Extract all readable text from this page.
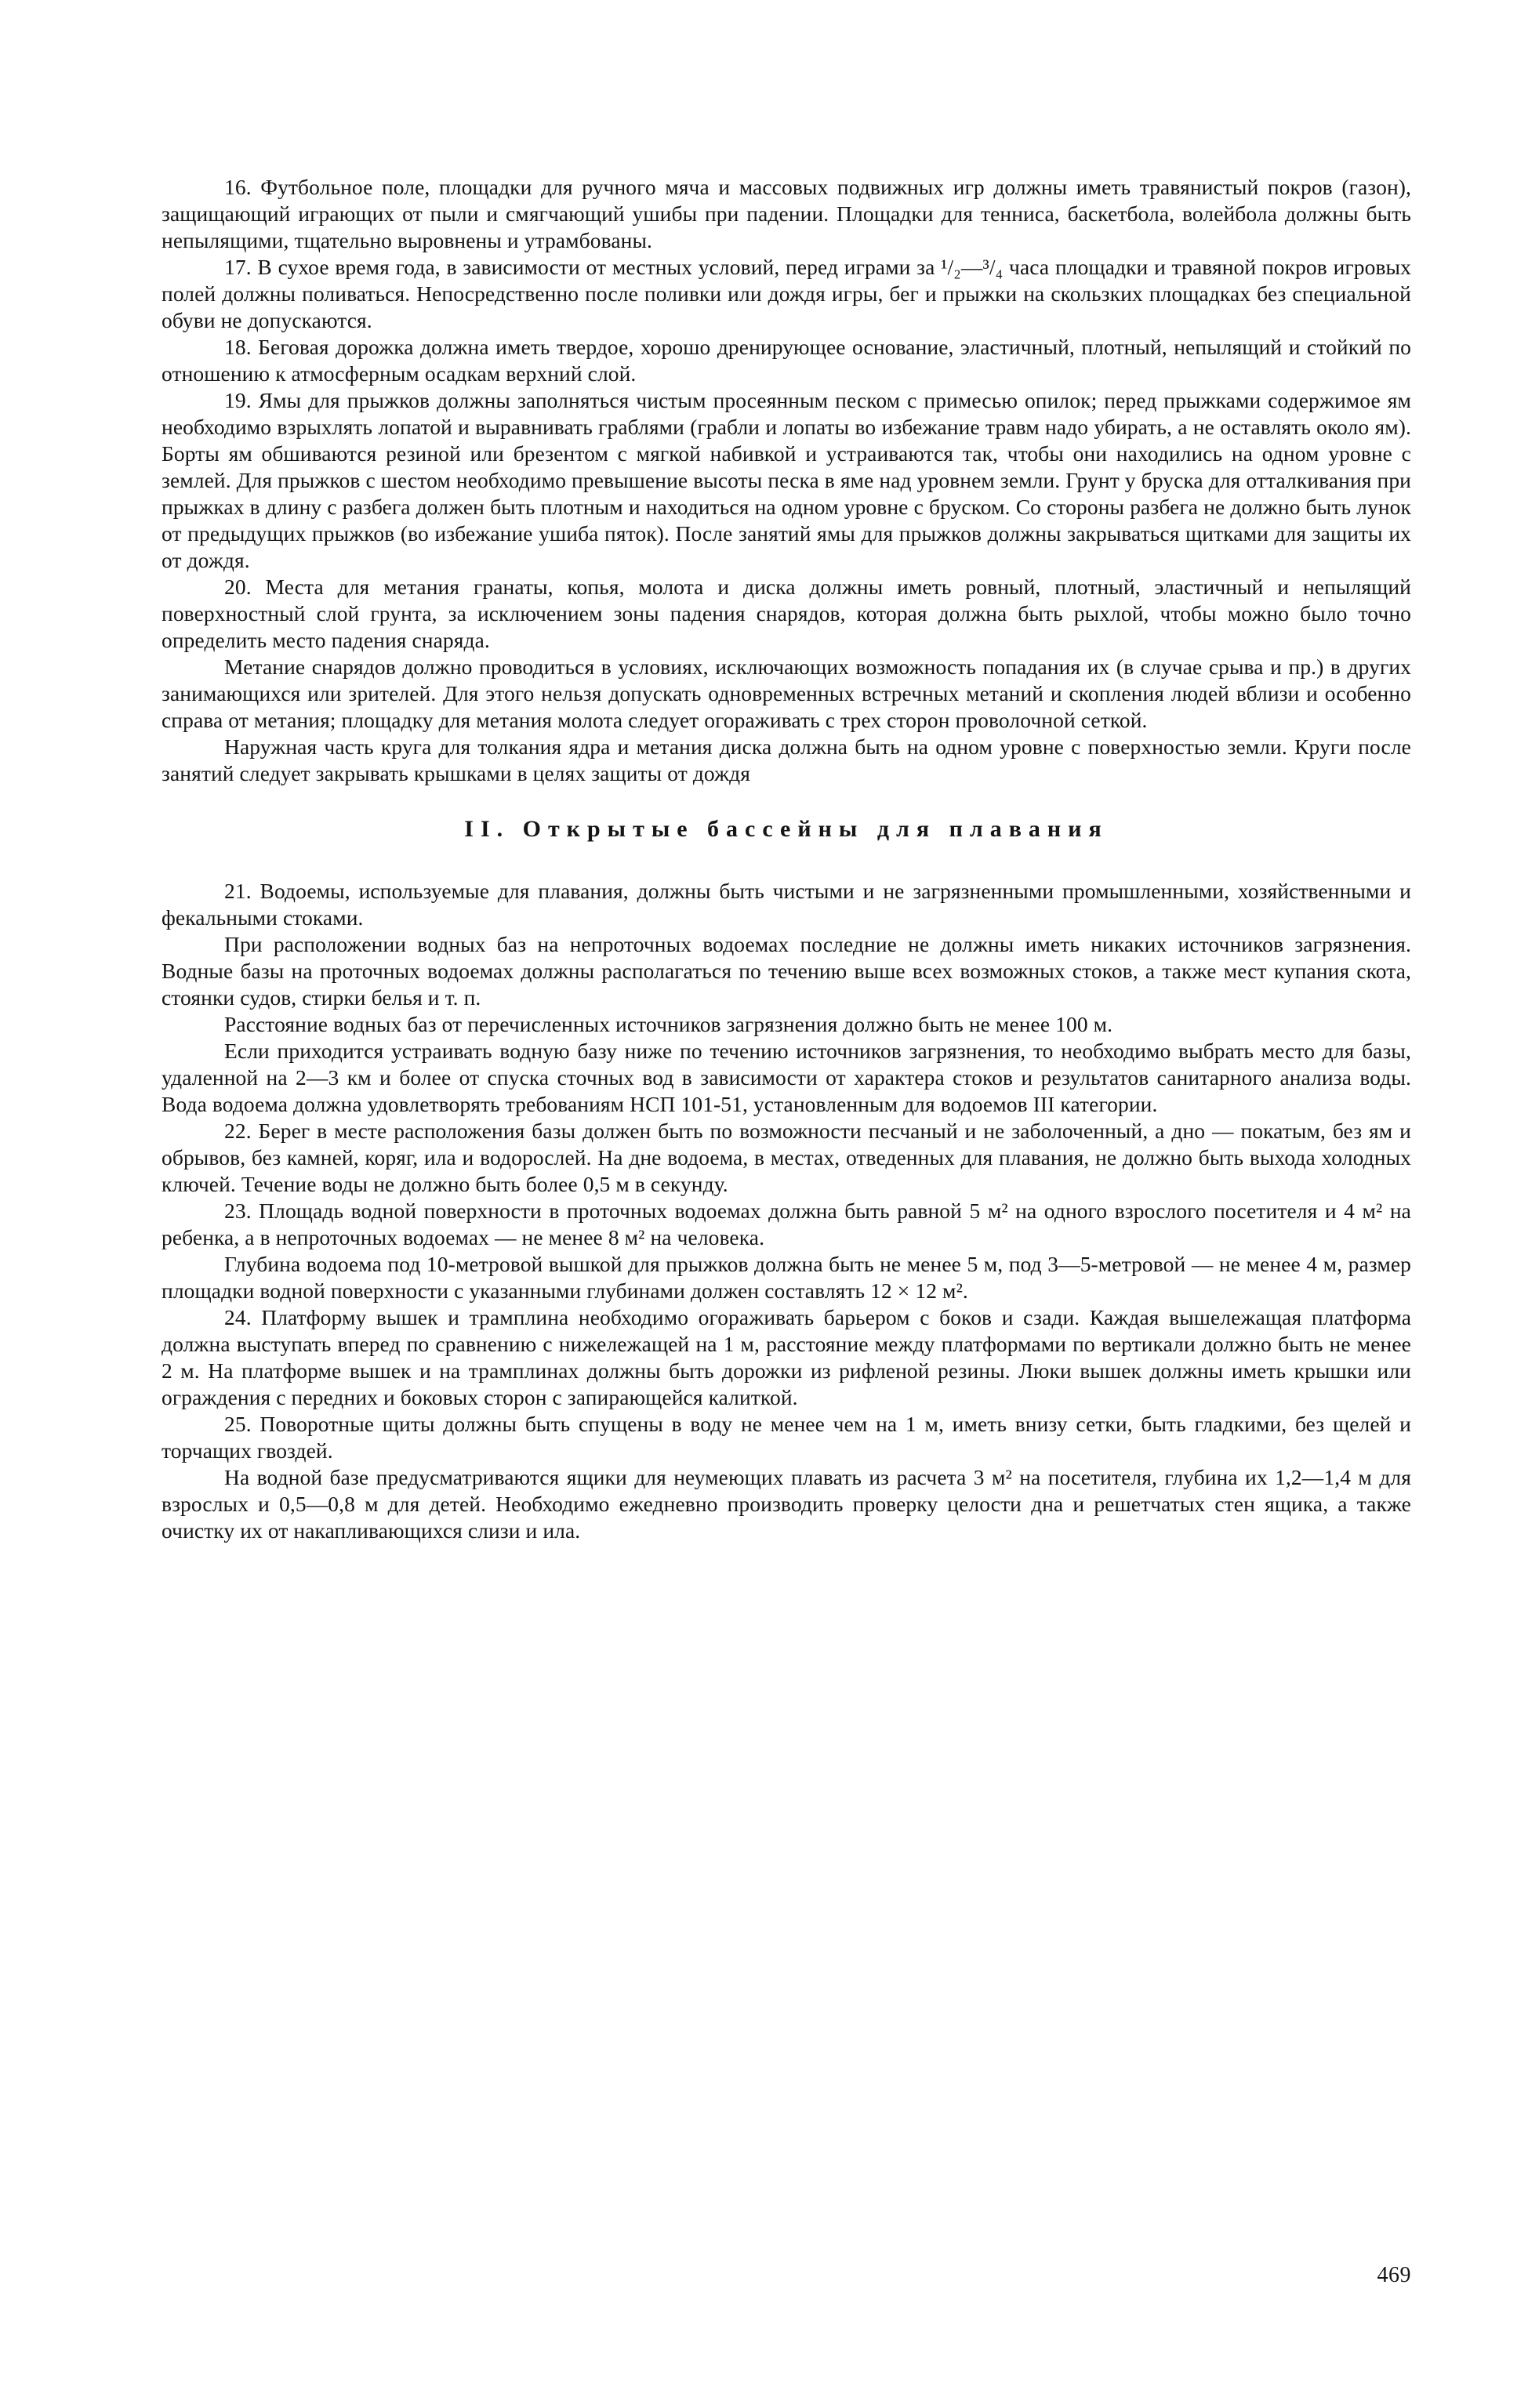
16. Футбольное поле, площадки для ручного мяча и массовых подвижных игр должны иметь травянистый покров (газон), защищающий играющих от пыли и смягчающий ушибы при падении. Площадки для тенниса, баскетбола, волейбола должны быть непылящими, тщательно выровнены и утрамбованы.

17. В сухое время года, в зависимости от местных условий, перед играми за ¹/₂—³/₄ часа площадки и травяной покров игровых полей должны поливаться. Непосредственно после поливки или дождя игры, бег и прыжки на скользких площадках без специальной обуви не допускаются.

18. Беговая дорожка должна иметь твердое, хорошо дренирующее основание, эластичный, плотный, непылящий и стойкий по отношению к атмосферным осадкам верхний слой.

19. Ямы для прыжков должны заполняться чистым просеянным песком с примесью опилок; перед прыжками содержимое ям необходимо взрыхлять лопатой и выравнивать граблями (грабли и лопаты во избежание травм надо убирать, а не оставлять около ям). Борты ям обшиваются резиной или брезентом с мягкой набивкой и устраиваются так, чтобы они находились на одном уровне с землей. Для прыжков с шестом необходимо превышение высоты песка в яме над уровнем земли. Грунт у бруска для отталкивания при прыжках в длину с разбега должен быть плотным и находиться на одном уровне с бруском. Со стороны разбега не должно быть лунок от предыдущих прыжков (во избежание ушиба пяток). После занятий ямы для прыжков должны закрываться щитками для защиты их от дождя.

20. Места для метания гранаты, копья, молота и диска должны иметь ровный, плотный, эластичный и непылящий поверхностный слой грунта, за исключением зоны падения снарядов, которая должна быть рыхлой, чтобы можно было точно определить место падения снаряда.

Метание снарядов должно проводиться в условиях, исключающих возможность попадания их (в случае срыва и пр.) в других занимающихся или зрителей. Для этого нельзя допускать одновременных встречных метаний и скопления людей вблизи и особенно справа от метания; площадку для метания молота следует огораживать с трех сторон проволочной сеткой.

Наружная часть круга для толкания ядра и метания диска должна быть на одном уровне с поверхностью земли. Круги после занятий следует закрывать крышками в целях защиты от дождя

II. Открытые бассейны для плавания

21. Водоемы, используемые для плавания, должны быть чистыми и не загрязненными промышленными, хозяйственными и фекальными стоками.

При расположении водных баз на непроточных водоемах последние не должны иметь никаких источников загрязнения. Водные базы на проточных водоемах должны располагаться по течению выше всех возможных стоков, а также мест купания скота, стоянки судов, стирки белья и т. п.

Расстояние водных баз от перечисленных источников загрязнения должно быть не менее 100 м.

Если приходится устраивать водную базу ниже по течению источников загрязнения, то необходимо выбрать место для базы, удаленной на 2—3 км и более от спуска сточных вод в зависимости от характера стоков и результатов санитарного анализа воды. Вода водоема должна удовлетворять требованиям НСП 101-51, установленным для водоемов III категории.

22. Берег в месте расположения базы должен быть по возможности песчаный и не заболоченный, а дно — покатым, без ям и обрывов, без камней, коряг, ила и водорослей. На дне водоема, в местах, отведенных для плавания, не должно быть выхода холодных ключей. Течение воды не должно быть более 0,5 м в секунду.

23. Площадь водной поверхности в проточных водоемах должна быть равной 5 м² на одного взрослого посетителя и 4 м² на ребенка, а в непроточных водоемах — не менее 8 м² на человека.

Глубина водоема под 10-метровой вышкой для прыжков должна быть не менее 5 м, под 3—5-метровой — не менее 4 м, размер площадки водной поверхности с указанными глубинами должен составлять 12 × 12 м².

24. Платформу вышек и трамплина необходимо огораживать барьером с боков и сзади. Каждая вышележащая платформа должна выступать вперед по сравнению с нижележащей на 1 м, расстояние между платформами по вертикали должно быть не менее 2 м. На платформе вышек и на трамплинах должны быть дорожки из рифленой резины. Люки вышек должны иметь крышки или ограждения с передних и боковых сторон с запирающейся калиткой.

25. Поворотные щиты должны быть спущены в воду не менее чем на 1 м, иметь внизу сетки, быть гладкими, без щелей и торчащих гвоздей.

На водной базе предусматриваются ящики для неумеющих плавать из расчета 3 м² на посетителя, глубина их 1,2—1,4 м для взрослых и 0,5—0,8 м для детей. Необходимо ежедневно производить проверку целости дна и решетчатых стен ящика, а также очистку их от накапливающихся слизи и ила.

469
